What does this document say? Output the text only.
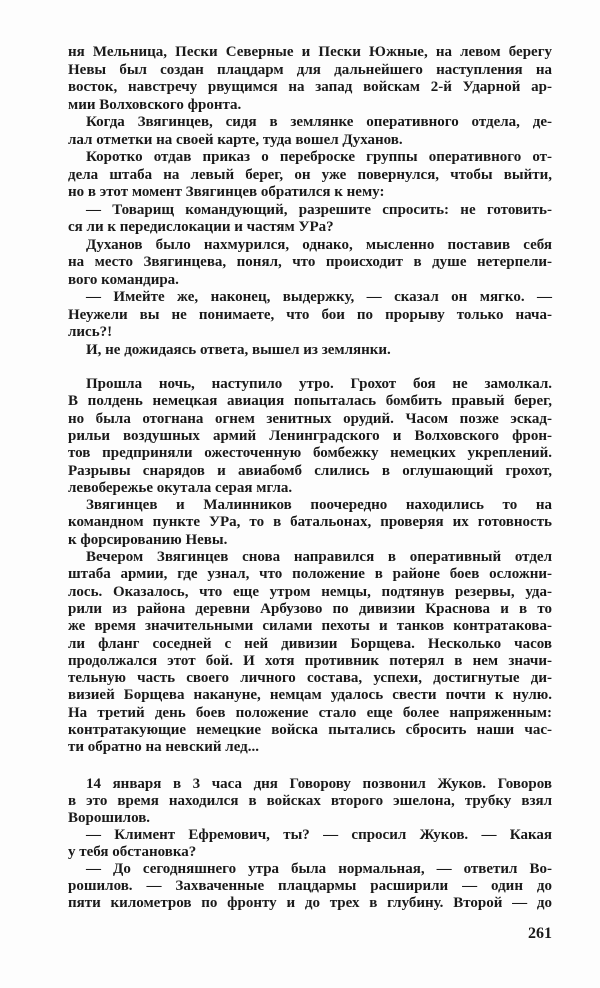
ня Мельница, Пески Северные и Пески Южные, на левом берегу
Невы был создан плацдарм для дальнейшего наступления на
восток, навстречу рвущимся на запад войскам 2-й Ударной ар-
мии Волховского фронта.
Когда Звягинцев, сидя в землянке оперативного отдела, де-
лал отметки на своей карте, туда вошел Духанов.
Коротко отдав приказ о переброске группы оперативного от-
дела штаба на левый берег, он уже повернулся, чтобы выйти,
но в этот момент Звягинцев обратился к нему:
— Товарищ командующий, разрешите спросить: не готовить-
ся ли к передислокации и частям УРа?
Духанов было нахмурился, однако, мысленно поставив себя
на место Звягинцева, понял, что происходит в душе нетерпели-
вого командира.
— Имейте же, наконец, выдержку, — сказал он мягко. —
Неужели вы не понимаете, что бои по прорыву только нача-
лись?!
И, не дожидаясь ответа, вышел из землянки.
Прошла ночь, наступило утро. Грохот боя не замолкал.
В полдень немецкая авиация попыталась бомбить правый берег,
но была отогнана огнем зенитных орудий. Часом позже эскад-
рильи воздушных армий Ленинградского и Волховского фрон-
тов предприняли ожесточенную бомбежку немецких укреплений.
Разрывы снарядов и авиабомб слились в оглушающий грохот,
левобережье окутала серая мгла.
Звягинцев и Малинников поочередно находились то на
командном пункте УРа, то в батальонах, проверяя их готовность
к форсированию Невы.
Вечером Звягинцев снова направился в оперативный отдел
штаба армии, где узнал, что положение в районе боев осложни-
лось. Оказалось, что еще утром немцы, подтянув резервы, уда-
рили из района деревни Арбузово по дивизии Краснова и в то
же время значительными силами пехоты и танков контратакова-
ли фланг соседней с ней дивизии Борщева. Несколько часов
продолжался этот бой. И хотя противник потерял в нем значи-
тельную часть своего личного состава, успехи, достигнутые ди-
визией Борщева накануне, немцам удалось свести почти к нулю.
На третий день боев положение стало еще более напряженным:
контратакующие немецкие войска пытались сбросить наши час-
ти обратно на невский лед...
14 января в 3 часа дня Говорову позвонил Жуков. Говоров
в это время находился в войсках второго эшелона, трубку взял
Ворошилов.
— Климент Ефремович, ты? — спросил Жуков. — Какая
у тебя обстановка?
— До сегодняшнего утра была нормальная, — ответил Во-
рошилов. — Захваченные плацдармы расширили — один до
пяти километров по фронту и до трех в глубину. Второй — до
261
